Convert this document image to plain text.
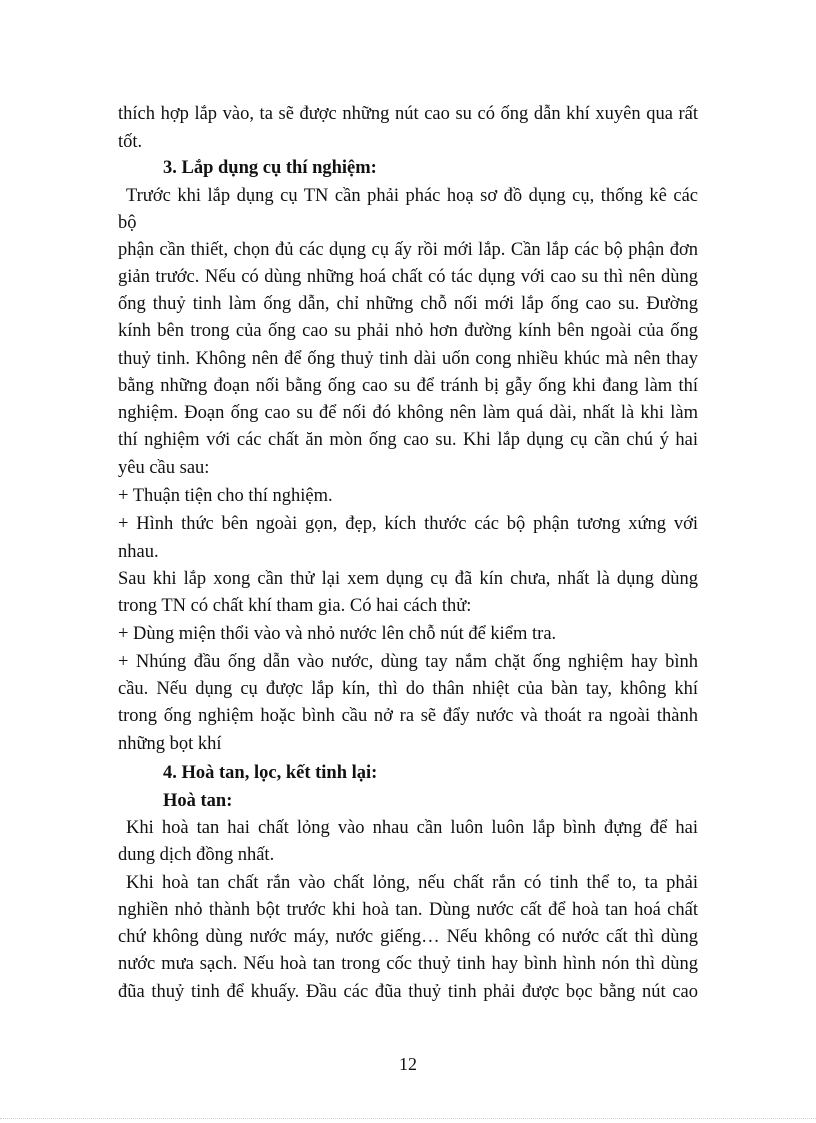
thích hợp lắp vào, ta sẽ được những nút cao su có ống dẫn khí xuyên qua rất
tốt.
3. Lắp dụng cụ thí nghiệm:
Trước khi lắp dụng cụ TN cần phải phác hoạ sơ đồ dụng cụ, thống kê các
bộ
phận cần thiết, chọn đủ các dụng cụ ấy rồi mới lắp. Cần lắp các bộ phận đơn
giản trước. Nếu có dùng những hoá chất có tác dụng với cao su thì nên dùng
ống thuỷ tinh làm ống dẫn, chỉ những chỗ nối mới lắp ống cao su. Đường
kính bên trong của ống cao su phải nhỏ hơn đường kính bên ngoài của ống
thuỷ tinh. Không nên để ống thuỷ tinh dài uốn cong nhiều khúc mà nên thay
bằng những đoạn nối bằng ống cao su để tránh bị gẫy ống khi đang làm thí
nghiệm. Đoạn ống cao su để nối đó không nên làm quá dài, nhất là khi làm
thí nghiệm với các chất ăn mòn ống cao su. Khi lắp dụng cụ cần chú ý hai
yêu cầu sau:
+ Thuận tiện cho thí nghiệm.
+ Hình thức bên ngoài gọn, đẹp, kích thước các bộ phận tương xứng với
nhau.
Sau khi lắp xong cần thử lại xem dụng cụ đã kín chưa, nhất là dụng dùng
trong TN có chất khí tham gia. Có hai cách thử:
+ Dùng miện thổi vào và nhỏ nước lên chỗ nút để kiểm tra.
+ Nhúng đầu ống dẫn vào nước, dùng tay nắm chặt ống nghiệm hay bình
cầu. Nếu dụng cụ được lắp kín, thì do thân nhiệt của bàn tay, không khí
trong ống nghiệm hoặc bình cầu nở ra sẽ đẩy nước và thoát ra ngoài thành
những bọt khí
4. Hoà tan, lọc, kết tinh lại:
Hoà tan:
Khi hoà tan hai chất lỏng vào nhau cần luôn luôn lắp bình đựng để hai
dung dịch đồng nhất.
Khi hoà tan chất rắn vào chất lỏng, nếu chất rắn có tinh thể to, ta phải
nghiền nhỏ thành bột trước khi hoà tan. Dùng nước cất để hoà tan hoá chất
chứ không dùng nước máy, nước giếng… Nếu không có nước cất thì dùng
nước mưa sạch. Nếu hoà tan trong cốc thuỷ tinh hay bình hình nón thì dùng
đũa thuỷ tinh để khuấy. Đầu các đũa thuỷ tinh phải được bọc bằng nút cao
12
